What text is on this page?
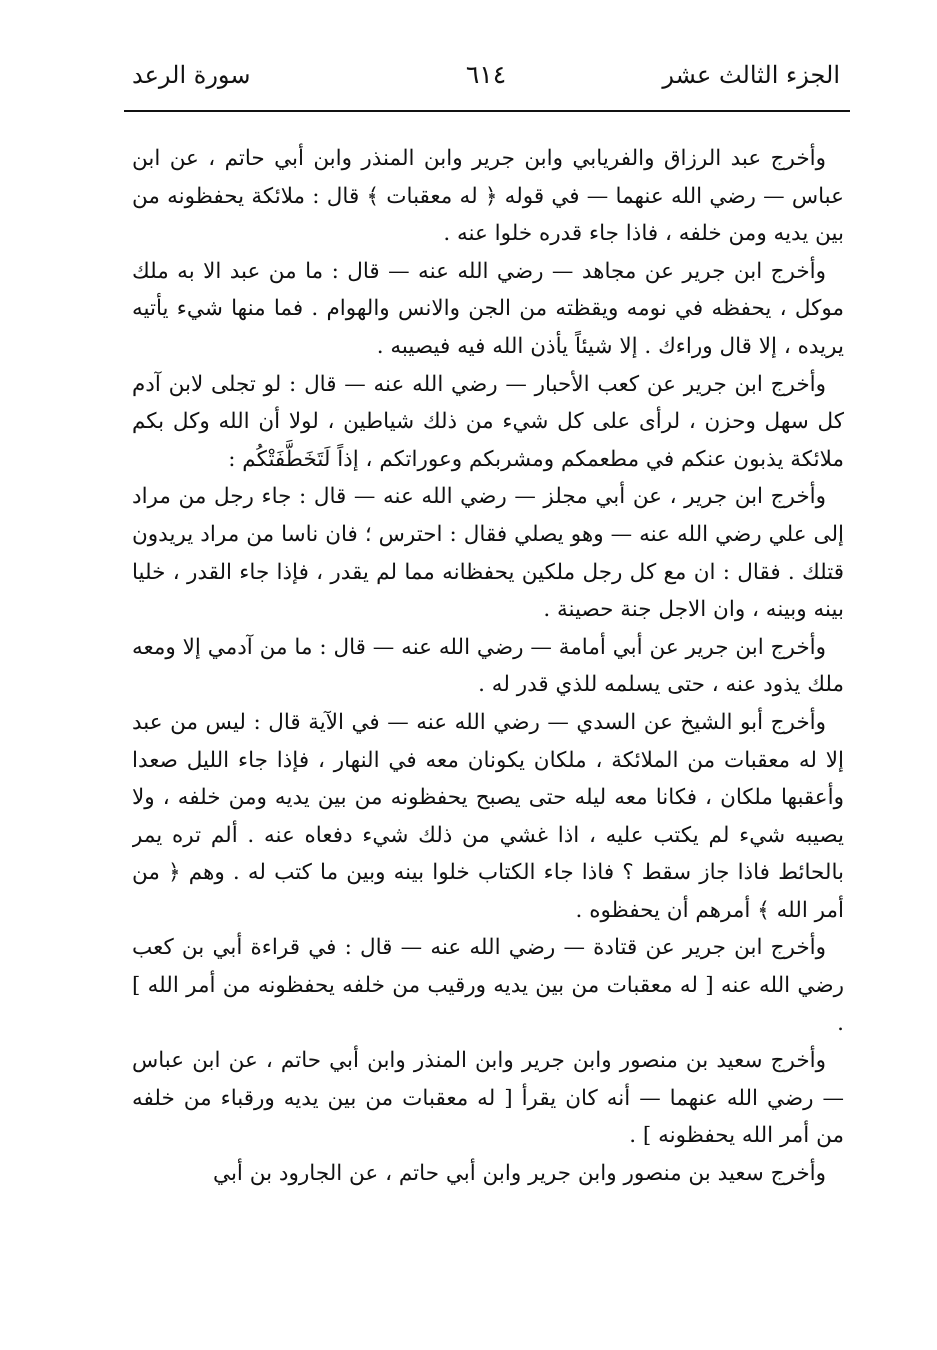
الجزء الثالث عشر
٦١٤
سورة الرعد

وأخرج عبد الرزاق والفريابي وابن جرير وابن المنذر وابن أبي حاتم ، عن ابن عباس — رضي الله عنهما — في قوله ﴿ له معقبات ﴾ قال : ملائكة يحفظونه من بين يديه ومن خلفه ، فاذا جاء قدره خلوا عنه .

وأخرج ابن جرير عن مجاهد — رضي الله عنه — قال : ما من عبد الا به ملك موكل ، يحفظه في نومه ويقظته من الجن والانس والهوام . فما منها شيء يأتيه يريده ، إلا قال وراءك . إلا شيئاً يأذن الله فيه فيصيبه .

وأخرج ابن جرير عن كعب الأحبار — رضي الله عنه — قال : لو تجلى لابن آدم كل سهل وحزن ، لرأى على كل شيء من ذلك شياطين ، لولا أن الله وكل بكم ملائكة يذبون عنكم في مطعمكم ومشربكم وعوراتكم ، إذاً لَتَخَطَّفَتْكُم :

وأخرج ابن جرير ، عن أبي مجلز — رضي الله عنه — قال : جاء رجل من مراد إلى علي رضي الله عنه — وهو يصلي فقال : احترس ؛ فان ناسا من مراد يريدون قتلك . فقال : ان مع كل رجل ملكين يحفظانه مما لم يقدر ، فإذا جاء القدر ، خليا بينه وبينه ، وان الاجل جنة حصينة .

وأخرج ابن جرير عن أبي أمامة — رضي الله عنه — قال : ما من آدمي إلا ومعه ملك يذود عنه ، حتى يسلمه للذي قدر له .

وأخرج أبو الشيخ عن السدي — رضي الله عنه — في الآية قال : ليس من عبد إلا له معقبات من الملائكة ، ملكان يكونان معه في النهار ، فإذا جاء الليل صعدا وأعقبها ملكان ، فكانا معه ليله حتى يصبح يحفظونه من بين يديه ومن خلفه ، ولا يصيبه شيء لم يكتب عليه ، اذا غشي من ذلك شيء دفعاه عنه . ألم تره يمر بالحائط فاذا جاز سقط ؟ فاذا جاء الكتاب خلوا بينه وبين ما كتب له . وهم ﴿ من أمر الله ﴾ أمرهم أن يحفظوه .

وأخرج ابن جرير عن قتادة — رضي الله عنه — قال : في قراءة أبي بن كعب رضي الله عنه [ له معقبات من بين يديه ورقيب من خلفه يحفظونه من أمر الله ] .

وأخرج سعيد بن منصور وابن جرير وابن المنذر وابن أبي حاتم ، عن ابن عباس — رضي الله عنهما — أنه كان يقرأ [ له معقبات من بين يديه ورقباء من خلفه من أمر الله يحفظونه ] .

وأخرج سعيد بن منصور وابن جرير وابن أبي حاتم ، عن الجارود بن أبي
